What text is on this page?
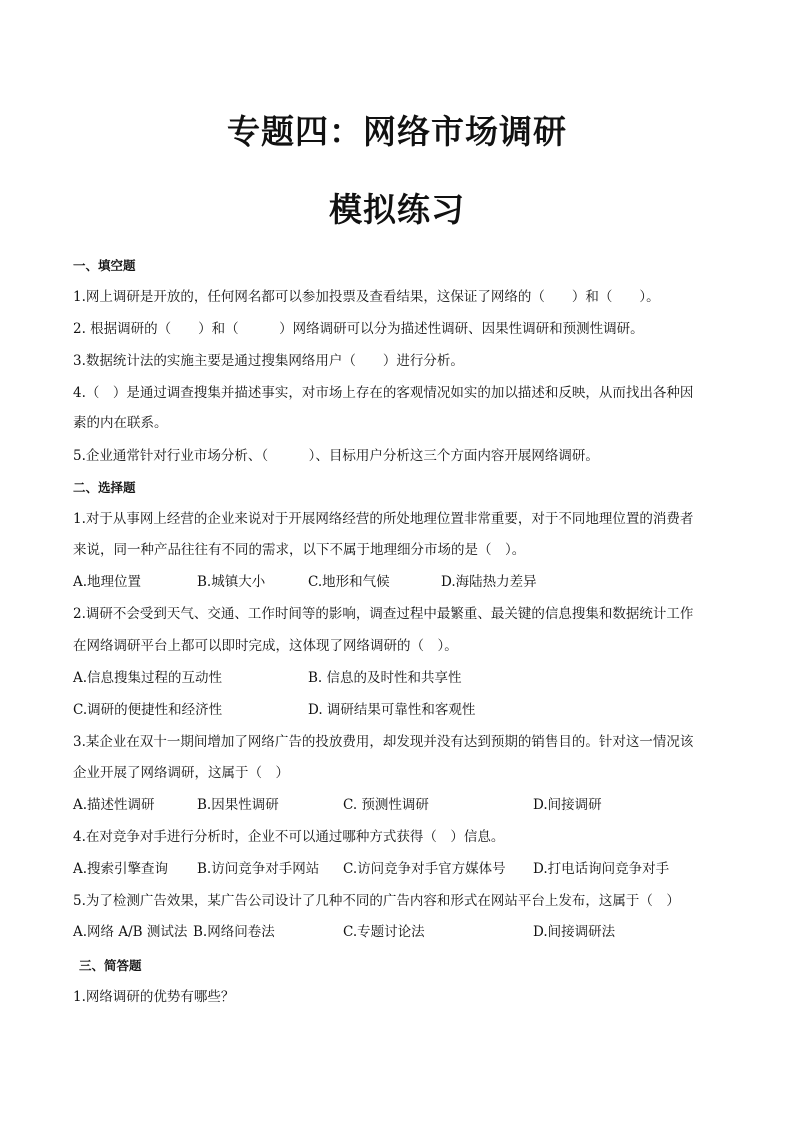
专题四：网络市场调研
模拟练习
一、填空题
1.网上调研是开放的，任何网名都可以参加投票及查看结果，这保证了网络的（　　）和（　　）。
2. 根据调研的（　　）和（　　　）网络调研可以分为描述性调研、因果性调研和预测性调研。
3.数据统计法的实施主要是通过搜集网络用户（　　）进行分析。
4.（　）是通过调查搜集并描述事实，对市场上存在的客观情况如实的加以描述和反映，从而找出各种因
素的内在联系。
5.企业通常针对行业市场分析、（　　　）、目标用户分析这三个方面内容开展网络调研。
二、选择题
1.对于从事网上经营的企业来说对于开展网络经营的所处地理位置非常重要，对于不同地理位置的消费者
来说，同一种产品往往有不同的需求，以下不属于地理细分市场的是（　）。
A.地理位置	B.城镇大小	C.地形和气候	D.海陆热力差异
2.调研不会受到天气、交通、工作时间等的影响，调查过程中最繁重、最关键的信息搜集和数据统计工作
在网络调研平台上都可以即时完成，这体现了网络调研的（　）。
A.信息搜集过程的互动性	B. 信息的及时性和共享性
C.调研的便捷性和经济性	D. 调研结果可靠性和客观性
3.某企业在双十一期间增加了网络广告的投放费用，却发现并没有达到预期的销售目的。针对这一情况该
企业开展了网络调研，这属于（　）
A.描述性调研	B.因果性调研	C. 预测性调研	D.间接调研
4.在对竞争对手进行分析时，企业不可以通过哪种方式获得（　）信息。
A.搜索引擎查询 B.访问竞争对手网站 C.访问竞争对手官方媒体号 D.打电话询问竞争对手
5.为了检测广告效果，某广告公司设计了几种不同的广告内容和形式在网站平台上发布，这属于（　）
A.网络 A/B 测试法 B.网络问卷法	C.专题讨论法	D.间接调研法
三、简答题
1.网络调研的优势有哪些？
